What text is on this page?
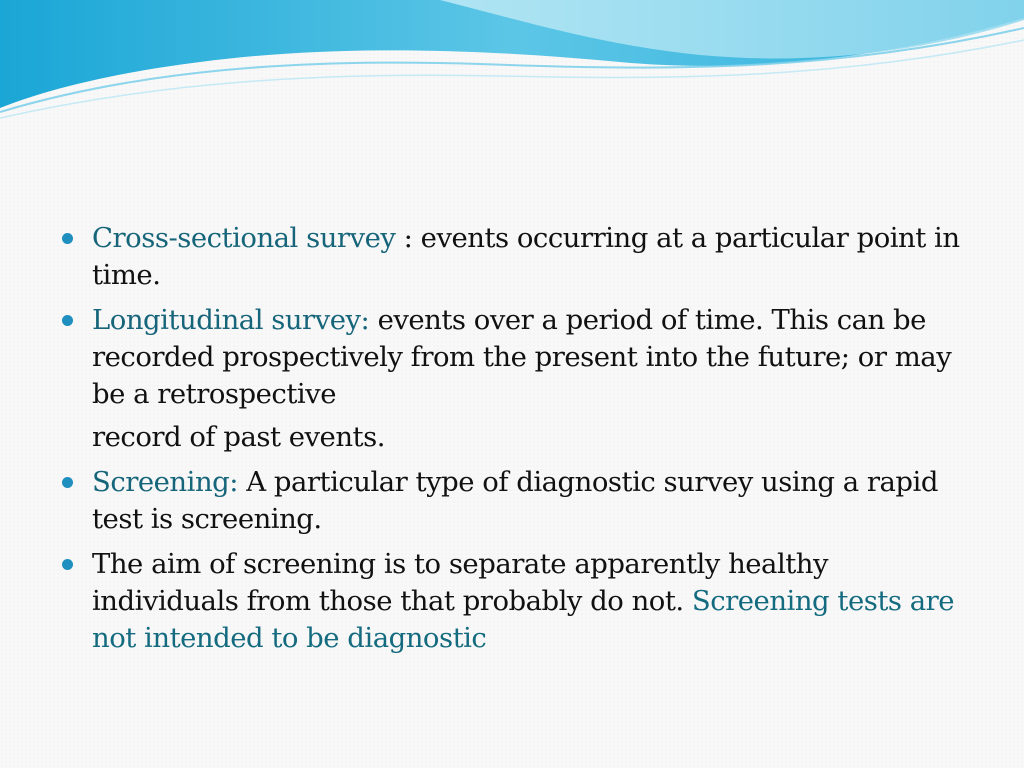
Cross-sectional survey : events occurring at a particular point in time.
Longitudinal survey: events over a period of time. This can be recorded prospectively from the present into the future; or may be a retrospective
record of past events.
Screening: A particular type of diagnostic survey using a rapid test is screening.
The aim of screening is to separate apparently healthy individuals from those that probably do not. Screening tests are not intended to be diagnostic
